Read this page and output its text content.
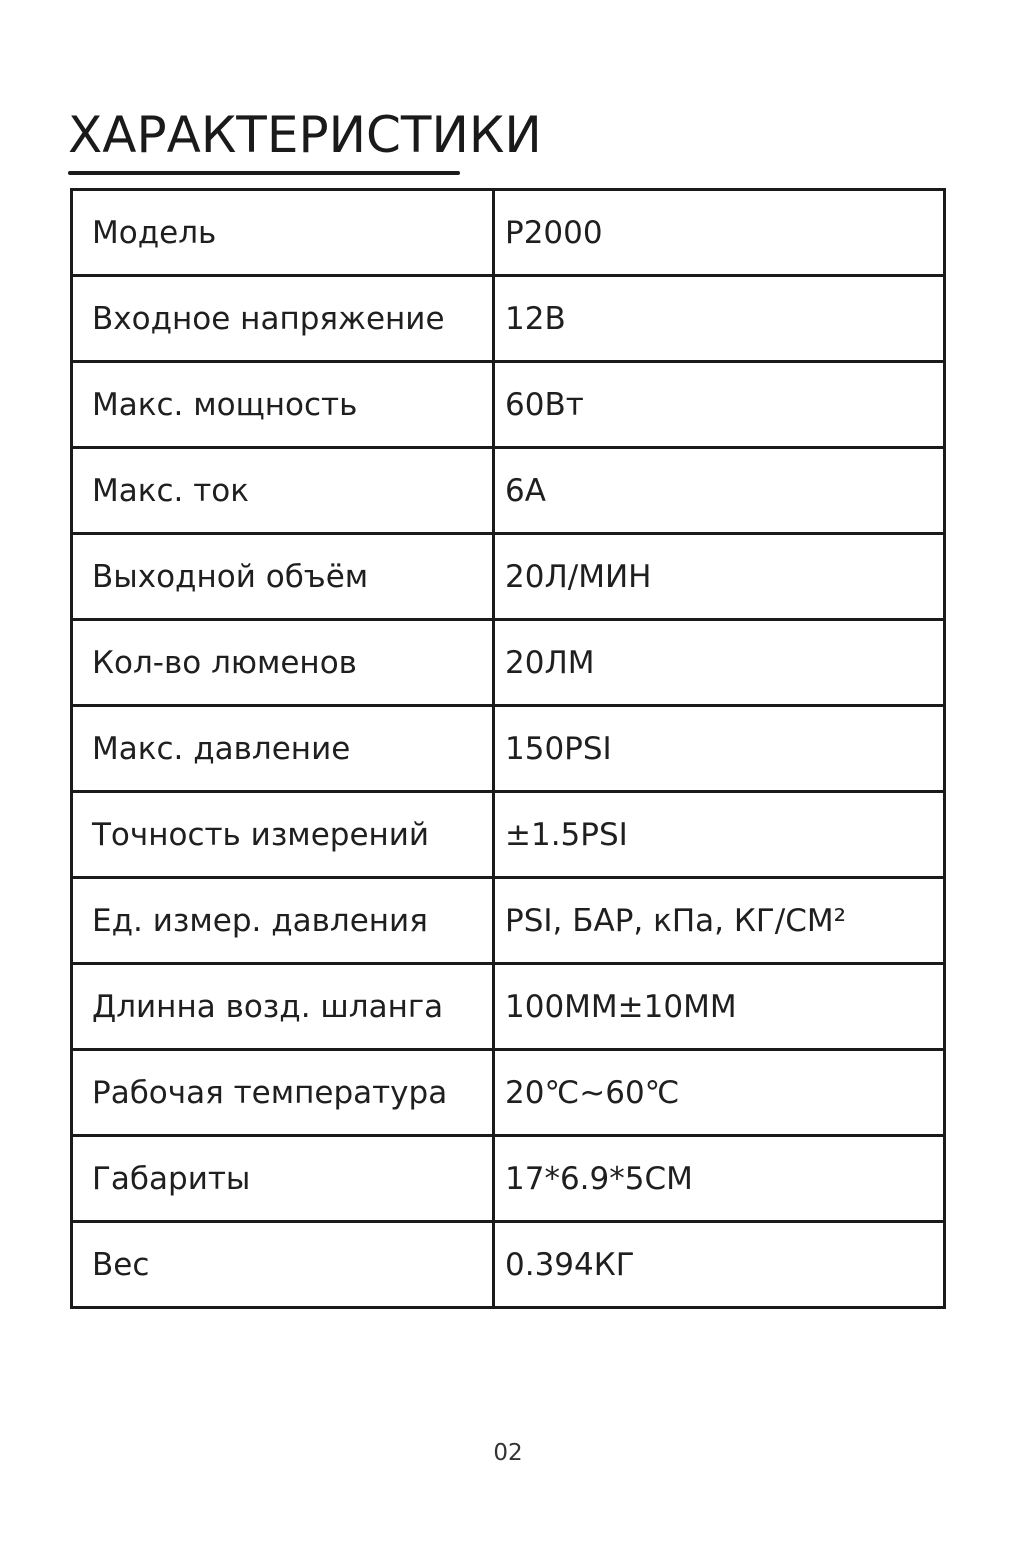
ХАРАКТЕРИСТИКИ
Модель	P2000
Входное напряжение	12В
Макс. мощность	60Вт
Макс. ток	6A
Выходной объём	20Л/МИН
Кол-во люменов	20ЛМ
Макс. давление	150PSI
Точность измерений	±1.5PSI
Ед. измер. давления	PSI, БАР, кПа, КГ/СМ²
Длинна возд. шланга	100ММ±10ММ
Рабочая температура	20℃~60℃
Габариты	17*6.9*5СМ
Вес	0.394КГ
02
